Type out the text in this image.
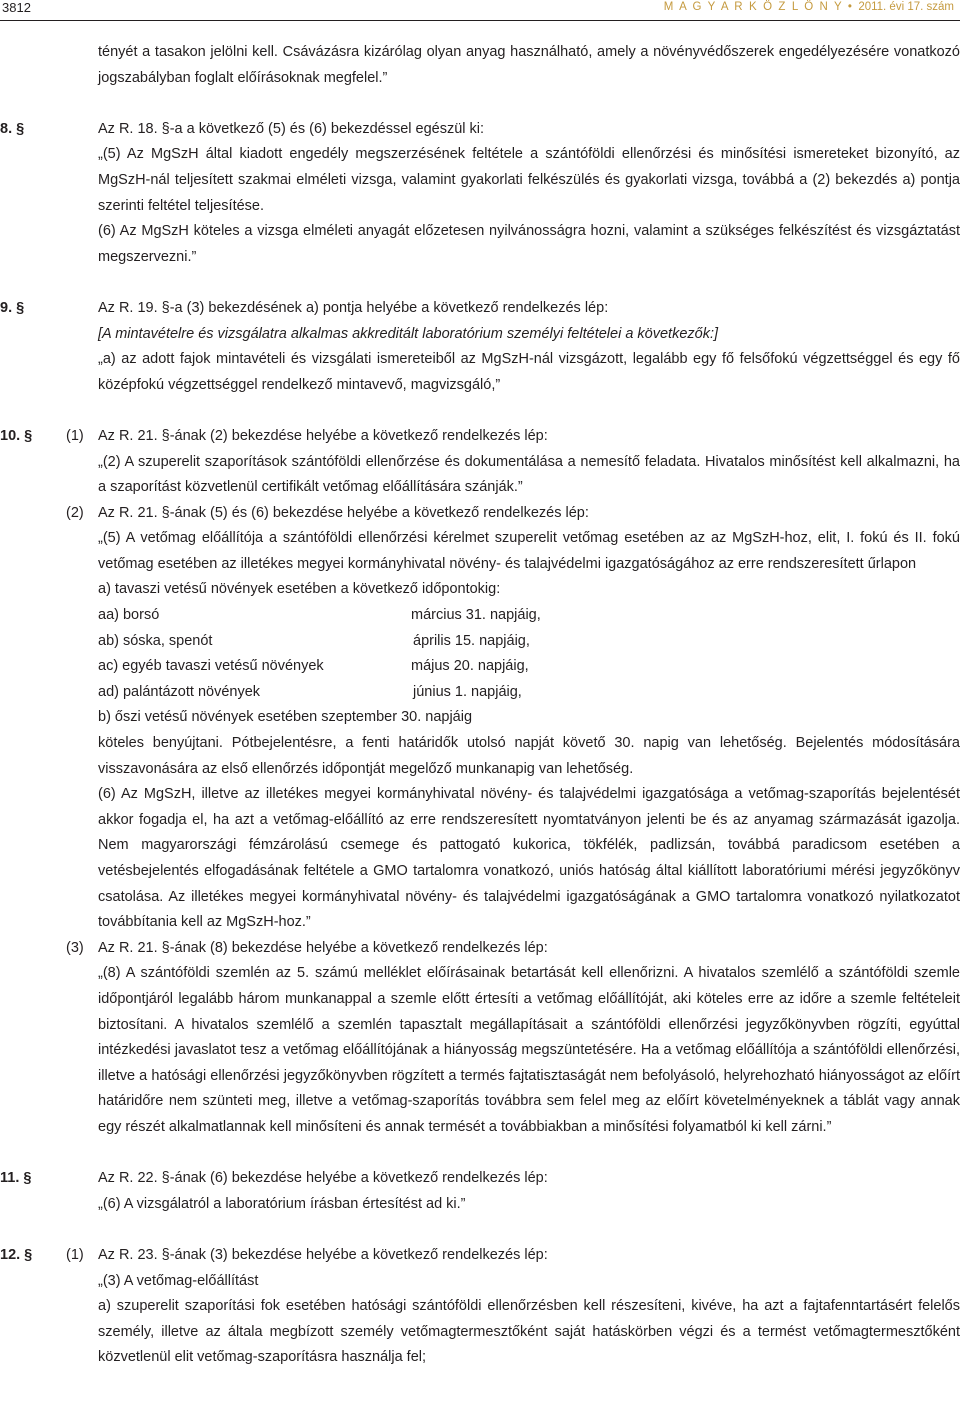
3812	M A G Y A R K Ö Z L Ö N Y • 2011. évi 17. szám

tényét a tasakon jelölni kell. Csávázásra kizárólag olyan anyag használható, amely a növényvédőszerek engedélyezésére vonatkozó jogszabályban foglalt előírásoknak megfelel.”

8. §	Az R. 18. §-a a következő (5) és (6) bekezdéssel egészül ki:

„(5) Az MgSzH által kiadott engedély megszerzésének feltétele a szántóföldi ellenőrzési és minősítési ismereteket bizonyító, az MgSzH-nál teljesített szakmai elméleti vizsga, valamint gyakorlati felkészülés és gyakorlati vizsga, továbbá a (2) bekezdés a) pontja szerinti feltétel teljesítése.

(6) Az MgSzH köteles a vizsga elméleti anyagát előzetesen nyilvánosságra hozni, valamint a szükséges felkészítést és vizsgáztatást megszervezni.”

9. §	Az R. 19. §-a (3) bekezdésének a) pontja helyébe a következő rendelkezés lép:

[A mintavételre és vizsgálatra alkalmas akkreditált laboratórium személyi feltételei a következők:]

„a) az adott fajok mintavételi és vizsgálati ismereteiből az MgSzH-nál vizsgázott, legalább egy fő felsőfokú végzettséggel és egy fő középfokú végzettséggel rendelkező mintavevő, magvizsgáló,”

10. § (1) Az R. 21. §-ának (2) bekezdése helyébe a következő rendelkezés lép:

„(2) A szuperelit szaporítások szántóföldi ellenőrzése és dokumentálása a nemesítő feladata. Hivatalos minősítést kell alkalmazni, ha a szaporítást közvetlenül certifikált vetőmag előállítására szánják.”

(2) Az R. 21. §-ának (5) és (6) bekezdése helyébe a következő rendelkezés lép:

„(5) A vetőmag előállítója a szántóföldi ellenőrzési kérelmet szuperelit vetőmag esetében az az MgSzH-hoz, elit, I. fokú és II. fokú vetőmag esetében az illetékes megyei kormányhivatal növény- és talajvédelmi igazgatóságához az erre rendszeresített űrlapon

a) tavaszi vetésű növények esetében a következő időpontokig:

aa) borsó	március 31. napjáig,
ab) sóska, spenót	április 15. napjáig,
ac) egyéb tavaszi vetésű növények	május 20. napjáig,
ad) palántázott növények	június 1. napjáig,

b) őszi vetésű növények esetében szeptember 30. napjáig

köteles benyújtani. Pótbejelentésre, a fenti határidők utolsó napját követő 30. napig van lehetőség. Bejelentés módosítására visszavonására az első ellenőrzés időpontját megelőző munkanapig van lehetőség.

(6) Az MgSzH, illetve az illetékes megyei kormányhivatal növény- és talajvédelmi igazgatósága a vetőmag-szaporítás bejelentését akkor fogadja el, ha azt a vetőmag-előállító az erre rendszeresített nyomtatványon jelenti be és az anyamag származását igazolja. Nem magyarországi fémzárolású csemege és pattogató kukorica, tökfélék, padlizsán, továbbá paradicsom esetében a vetésbejelentés elfogadásának feltétele a GMO tartalomra vonatkozó, uniós hatóság által kiállított laboratóriumi mérési jegyzőkönyv csatolása. Az illetékes megyei kormányhivatal növény- és talajvédelmi igazgatóságának a GMO tartalomra vonatkozó nyilatkozatot továbbítania kell az MgSzH-hoz.”

(3) Az R. 21. §-ának (8) bekezdése helyébe a következő rendelkezés lép:

„(8) A szántóföldi szemlén az 5. számú melléklet előírásainak betartását kell ellenőrizni. A hivatalos szemlélő a szántóföldi szemle időpontjáról legalább három munkanappal a szemle előtt értesíti a vetőmag előállítóját, aki köteles erre az időre a szemle feltételeit biztosítani. A hivatalos szemlélő a szemlén tapasztalt megállapításait a szántóföldi ellenőrzési jegyzőkönyvben rögzíti, egyúttal intézkedési javaslatot tesz a vetőmag előállítójának a hiányosság megszüntetésére. Ha a vetőmag előállítója a szántóföldi ellenőrzési, illetve a hatósági ellenőrzési jegyzőkönyvben rögzített a termés fajtatisztaságát nem befolyásoló, helyrehozható hiányosságot az előírt határidőre nem szünteti meg, illetve a vetőmag-szaporítás továbbra sem felel meg az előírt követelményeknek a táblát vagy annak egy részét alkalmatlannak kell minősíteni és annak termését a továbbiakban a minősítési folyamatból ki kell zárni.”

11. §	Az R. 22. §-ának (6) bekezdése helyébe a következő rendelkezés lép:

„(6) A vizsgálatról a laboratórium írásban értesítést ad ki.”

12. § (1) Az R. 23. §-ának (3) bekezdése helyébe a következő rendelkezés lép:

„(3) A vetőmag-előállítást

a) szuperelit szaporítási fok esetében hatósági szántóföldi ellenőrzésben kell részesíteni, kivéve, ha azt a fajtafenntartásért felelős személy, illetve az általa megbízott személy vetőmagtermesztőként saját hatáskörben végzi és a termést vetőmagtermesztőként közvetlenül elit vetőmag-szaporításra használja fel;
